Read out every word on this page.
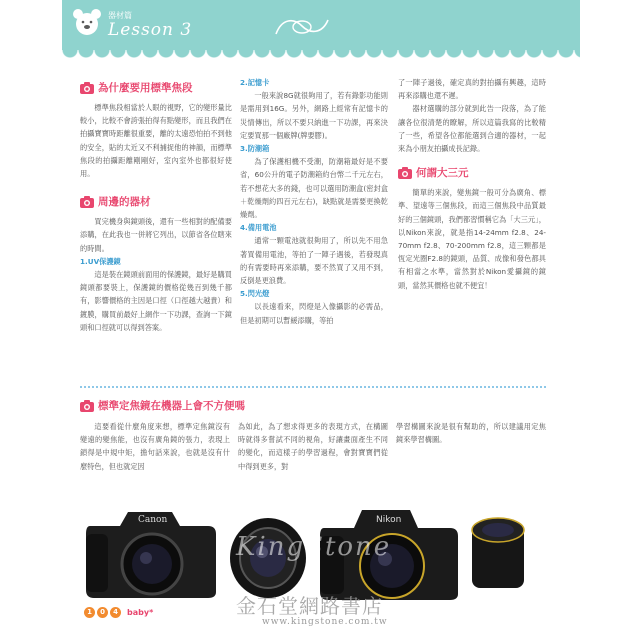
器材篇
Lesson 3
為什麼要用標準焦段

標準焦段相當於人眼的視野，它的變形量比較小，比較不會誇張拍得有點變形，而且我們在拍攝寶寶時距離很重要，離的太遠恐怕拍不到他的安全，貼的太近又不利捕捉他的神韻，而標準焦段的拍攝距離剛剛好，室內室外也都很好使用。

周邊的器材

買完機身與鏡頭後，還有一些相對的配備要添購，在此我也一併將它列出，以節省各位瞎來的時間。

1.UV保護鏡

這是裝在鏡頭前面用的保護鏡，最好是購買鏡頭都要裝上，保護鏡的價格從幾百到幾千都有，影響價格的主因是口徑（口徑越大越貴）和鍍膜，購買前最好上網作一下功課，查詢一下鏡頭和口徑就可以得到答案。

2.記憶卡

一般來說8G就很夠用了，若有錄影功能則是需用到16G。另外，網路上經常有記憶卡的災情傳出，所以不要只納進一下功課，再來決定要買那一個廠牌(牌要膠)。

3.防潮箱

為了保護相機不受潮，防潮箱最好是不要省，60公升的電子防潮箱約台幣二千元左右，若不想花大多的錢，也可以選用防潮盒(密封盒＋乾燥劑約四百元左右)，缺點就是需要更換乾燥劑。

4.備用電池

通常一顆電池就很夠用了，所以先不用急著買備用電池，等拍了一陣子遇後，若發現真的有需要時再來添購，要不然買了又用不到，反倒是更浪費。

5.閃光燈

以長遠看來，閃燈是入像攝影的必需品，但是初期可以暫緩添購，等拍

了一陣子過後，確定真的對拍攝有興趣，這時再來添購也還不遲。

器材選購的部分就到此告一段落，為了能讓各位很清楚的瞭解，所以這篇我寫的比較精了一些，希望各位都能選到合適的器材，一起來為小朋友拍攝成長記錄。

何謂大三元

簡單的來說，變焦鏡一般可分為廣角、標準、望遠等三個焦段，而這三個焦段中品質最好的三個鏡頭，我們都習慣稱它為「大三元」，以Nikon來說，就是指14-24mm f2.8、24-70mm f2.8、70-200mm f2.8，這三顆都是恆定光圈F2.8的鏡頭，品質、成像和發色都具有相當之水準，當然對於Nikon愛攝鏡的鏡頭，當然其價格也就不便宜！

標準定焦鏡在機器上會不方便嗎

這要看從什麼角度來想，標準定焦鏡沒有變遠的變焦能，也沒有廣角鏡的張力，表現上鎖得是中規中矩，擔句話來說，也就是沒有什麼特色，但也就定因

為如此，為了想求得更多的表現方式，在構圖時就得多嘗試不同的視角，好讓畫面產生不同的變化，而這樣子的學習過程，會對寶寶們從中得到更多，對

學習構圖來說是很有幫助的，所以建議用定焦鏡來學習構圖。

Canon	Nikon
KingStone
金石堂網路書店
www.kingstone.com.tw
1	0	4	baby*
